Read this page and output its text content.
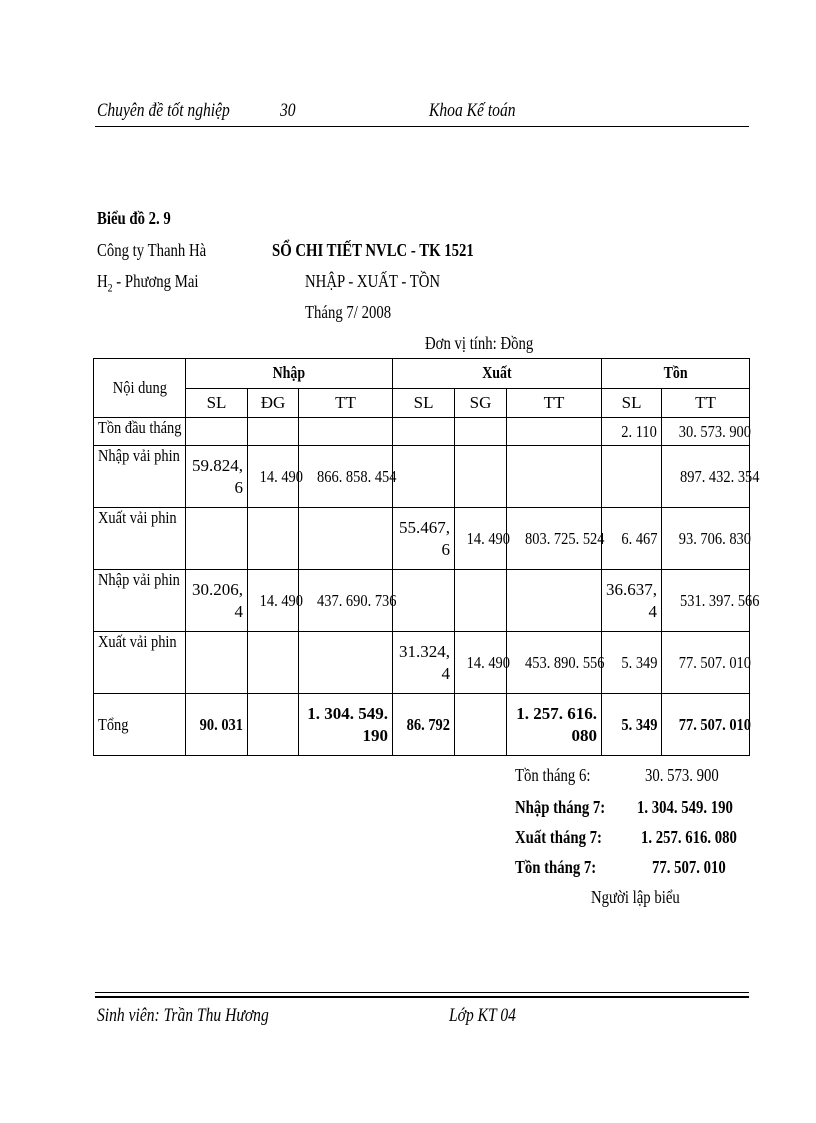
Chuyên đề tốt nghiệp	30	Khoa Kế toán
Biểu đồ 2. 9
Công ty Thanh Hà	SỔ CHI TIẾT NVLC - TK 1521
$H_2$ - Phương Mai	NHẬP - XUẤT - TỒN
Tháng 7/ 2008
Đơn vị tính: Đồng
Nội dung	Nhập			Xuất			Tồn	
	SL	ĐG	TT	SL	SG	TT	SL	TT
Tồn đầu tháng							2. 110	30. 573. 900
Nhập vải phin	59.824, 6	14. 490	866. 858. 454					897. 432. 354
Xuất vải phin				55.467, 6	14. 490	803. 725. 524	6. 467	93. 706. 830
Nhập vải phin	30.206, 4	14. 490	437. 690. 736				36.637, 4	531. 397. 566
Xuất vải phin				31.324, 4	14. 490	453. 890. 556	5. 349	77. 507. 010
Tổng	90. 031		1. 304. 549. 190	86. 792		1. 257. 616. 080	5. 349	77. 507. 010
Tồn tháng 6:	30. 573. 900
Nhập tháng 7:	1. 304. 549. 190
Xuất tháng 7:	1. 257. 616. 080
Tồn tháng 7:	77. 507. 010
Người lập biểu
Sinh viên: Trần Thu Hương	Lớp KT 04
